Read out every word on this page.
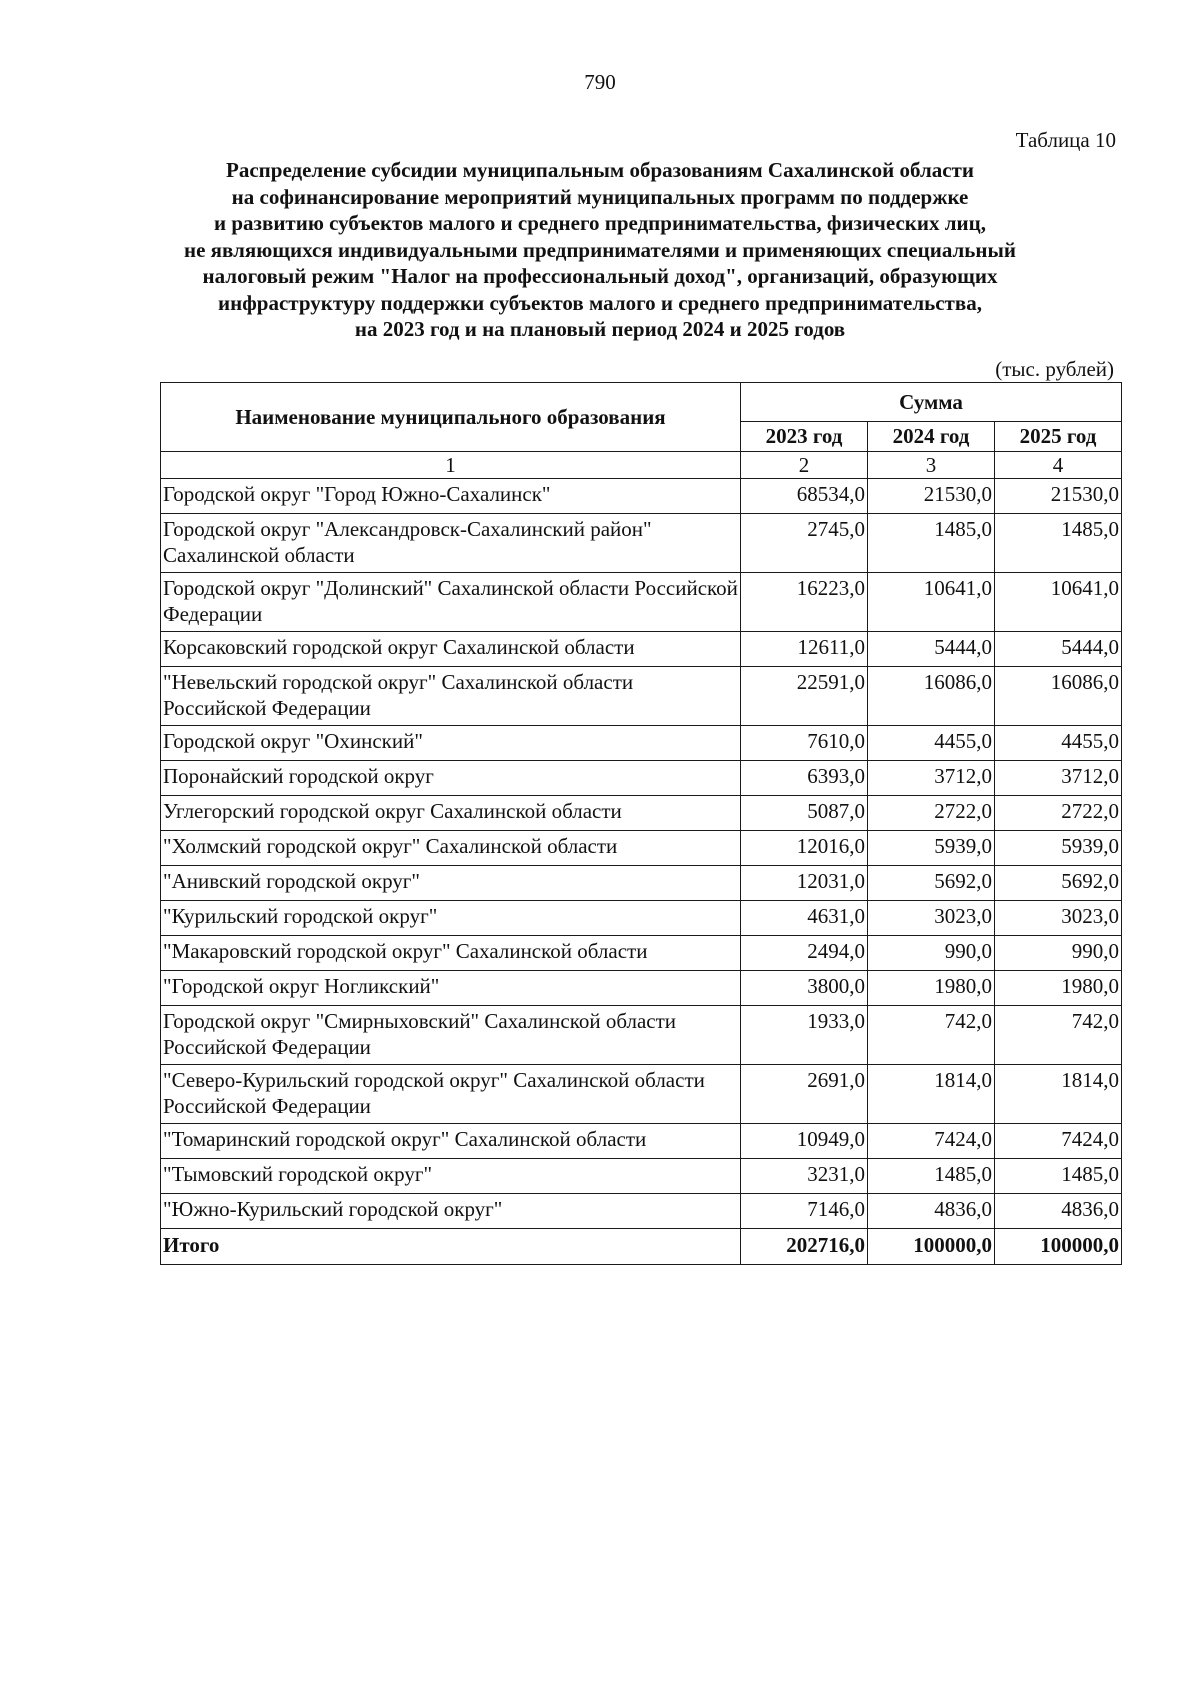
790
Таблица 10
Распределение субсидии муниципальным образованиям Сахалинской области
на софинансирование мероприятий муниципальных программ по поддержке
и развитию субъектов малого и среднего предпринимательства, физических лиц,
не являющихся индивидуальными предпринимателями и применяющих специальный
налоговый режим "Налог на профессиональный доход", организаций, образующих
инфраструктуру поддержки субъектов малого и среднего предпринимательства,
на 2023 год и на плановый период 2024 и 2025 годов
(тыс. рублей)
Наименование муниципального образования	Сумма		
	2023 год	2024 год	2025 год
1	2	3	4
Городской округ "Город Южно-Сахалинск"	68534,0	21530,0	21530,0
Городской округ "Александровск-Сахалинский район" Сахалинской области	2745,0	1485,0	1485,0
Городской округ "Долинский" Сахалинской области Российской Федерации	16223,0	10641,0	10641,0
Корсаковский городской округ Сахалинской области	12611,0	5444,0	5444,0
"Невельский городской округ" Сахалинской области Российской Федерации	22591,0	16086,0	16086,0
Городской округ "Охинский"	7610,0	4455,0	4455,0
Поронайский городской округ	6393,0	3712,0	3712,0
Углегорский городской округ Сахалинской области	5087,0	2722,0	2722,0
"Холмский городской округ" Сахалинской области	12016,0	5939,0	5939,0
"Анивский городской округ"	12031,0	5692,0	5692,0
"Курильский городской округ"	4631,0	3023,0	3023,0
"Макаровский городской округ" Сахалинской области	2494,0	990,0	990,0
"Городской округ Ногликский"	3800,0	1980,0	1980,0
Городской округ "Смирныховский" Сахалинской области Российской Федерации	1933,0	742,0	742,0
"Северо-Курильский городской округ" Сахалинской области Российской Федерации	2691,0	1814,0	1814,0
"Томаринский городской округ" Сахалинской области	10949,0	7424,0	7424,0
"Тымовский городской округ"	3231,0	1485,0	1485,0
"Южно-Курильский городской округ"	7146,0	4836,0	4836,0
Итого	202716,0	100000,0	100000,0
